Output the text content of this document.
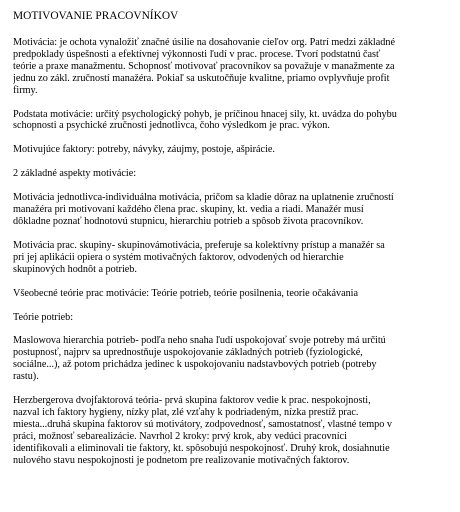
MOTIVOVANIE PRACOVNÍKOV
Motivácia: je ochota vynaložiť značné úsilie na dosahovanie cieľov org. Patrí medzi základné
predpoklady úspešnosti a efektívnej výkonnosti ľudí v prac. procese. Tvorí podstatnú časť
teórie a praxe manažmentu. Schopnosť motivovať pracovníkov sa považuje v manažmente za
jednu zo zákl. zručností manažéra. Pokiaľ sa uskutočňuje kvalitne, priamo ovplyvňuje profit
firmy.
Podstata motivácie: určitý psychologický pohyb, je príčinou hnacej sily, kt. uvádza do pohybu
schopnosti a psychické zručnosti jednotlivca, čoho výsledkom je prac. výkon.
Motivujúce faktory: potreby, návyky, záujmy, postoje, ašpirácie.
2 základné aspekty motivácie:
Motivácia jednotlivca-individuálna motivácia, pričom sa kladie dôraz na uplatnenie zručností
manažéra pri motivovaní každého člena prac. skupiny, kt. vedia a riadi. Manažér musí
dôkladne poznať hodnotovú stupnicu, hierarchiu potrieb a spôsob života pracovníkov.
Motivácia prac. skupiny- skupinovámotivácia, preferuje sa kolektívny prístup a manažér sa
pri jej aplikácii opiera o systém motivačných faktorov, odvodených od hierarchie
skupinových hodnôt a potrieb.
Všeobecné teórie prac motivácie: Teórie potrieb, teórie posilnenia, teorie očakávania
Teórie potrieb:
Maslowova hierarchia potrieb- podľa neho snaha ľudí uspokojovať svoje potreby má určitú
postupnosť, najprv sa uprednostňuje uspokojovanie základných potrieb (fyziologické,
sociálne...), až potom prichádza jedinec k uspokojovaniu nadstavbových potrieb (potreby
rastu).
Herzbergerova dvojfaktorová teória- prvá skupina faktorov vedie k prac. nespokojnosti,
nazval ich faktory hygieny, nízky plat, zlé vzťahy k podriadeným, nízka prestíž prac.
miesta...druhá skupina faktorov sú motivátory, zodpovednosť, samostatnosť, vlastné tempo v
práci, možnosť sebarealizácie. Navrhol 2 kroky: prvý krok, aby vedúci pracovníci
identifikovali a eliminovali tie faktory, kt. spôsobujú nespokojnosť. Druhý krok, dosiahnutie
nulového stavu nespokojnosti je podnetom pre realizovanie motivačných faktorov.
